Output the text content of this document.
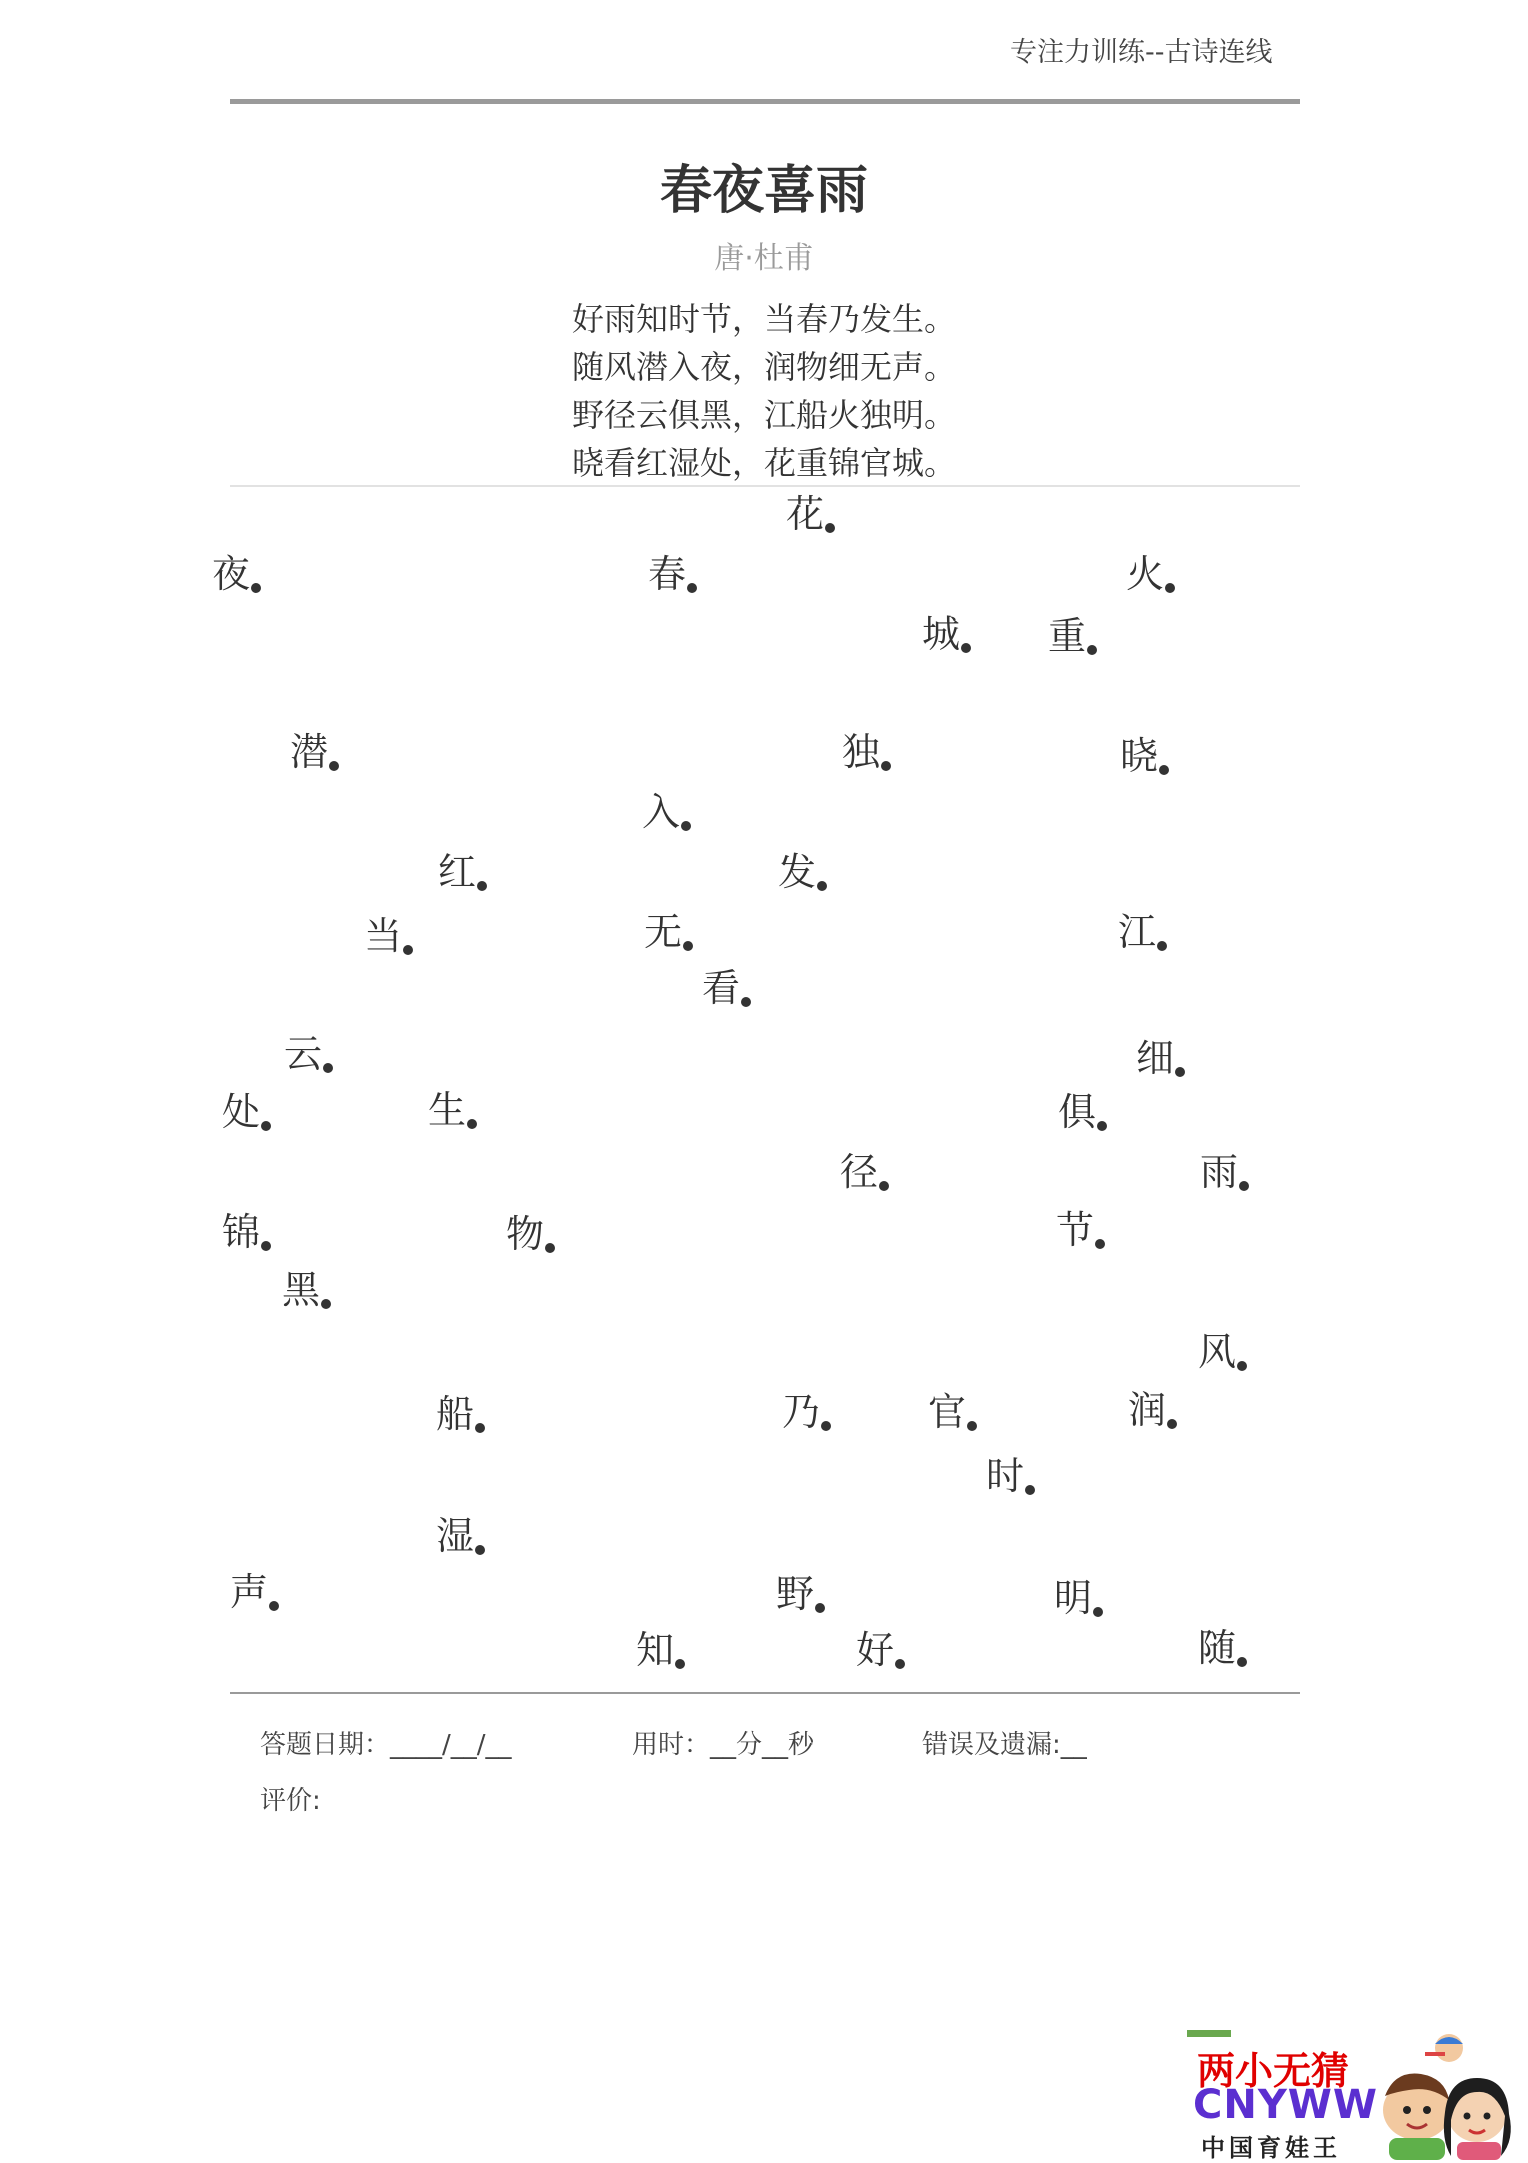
专注力训练--古诗连线
春夜喜雨
唐·杜甫
好雨知时节，当春乃发生。
随风潜入夜，润物细无声。
野径云俱黑，江船火独明。
晓看红湿处，花重锦官城。
花
夜	春	火
城 重
潜	独	晓
入
红	发
当	无	江
看
云	细
处	生	俱
径	雨
锦	物	节
黑
风
船	乃	官	润
时
湿
声	野	明
知	好	随
答题日期：____/__/__	用时：__分__秒	错误及遗漏:__
评价:
两小无猜
CNYWW
中国育娃王
